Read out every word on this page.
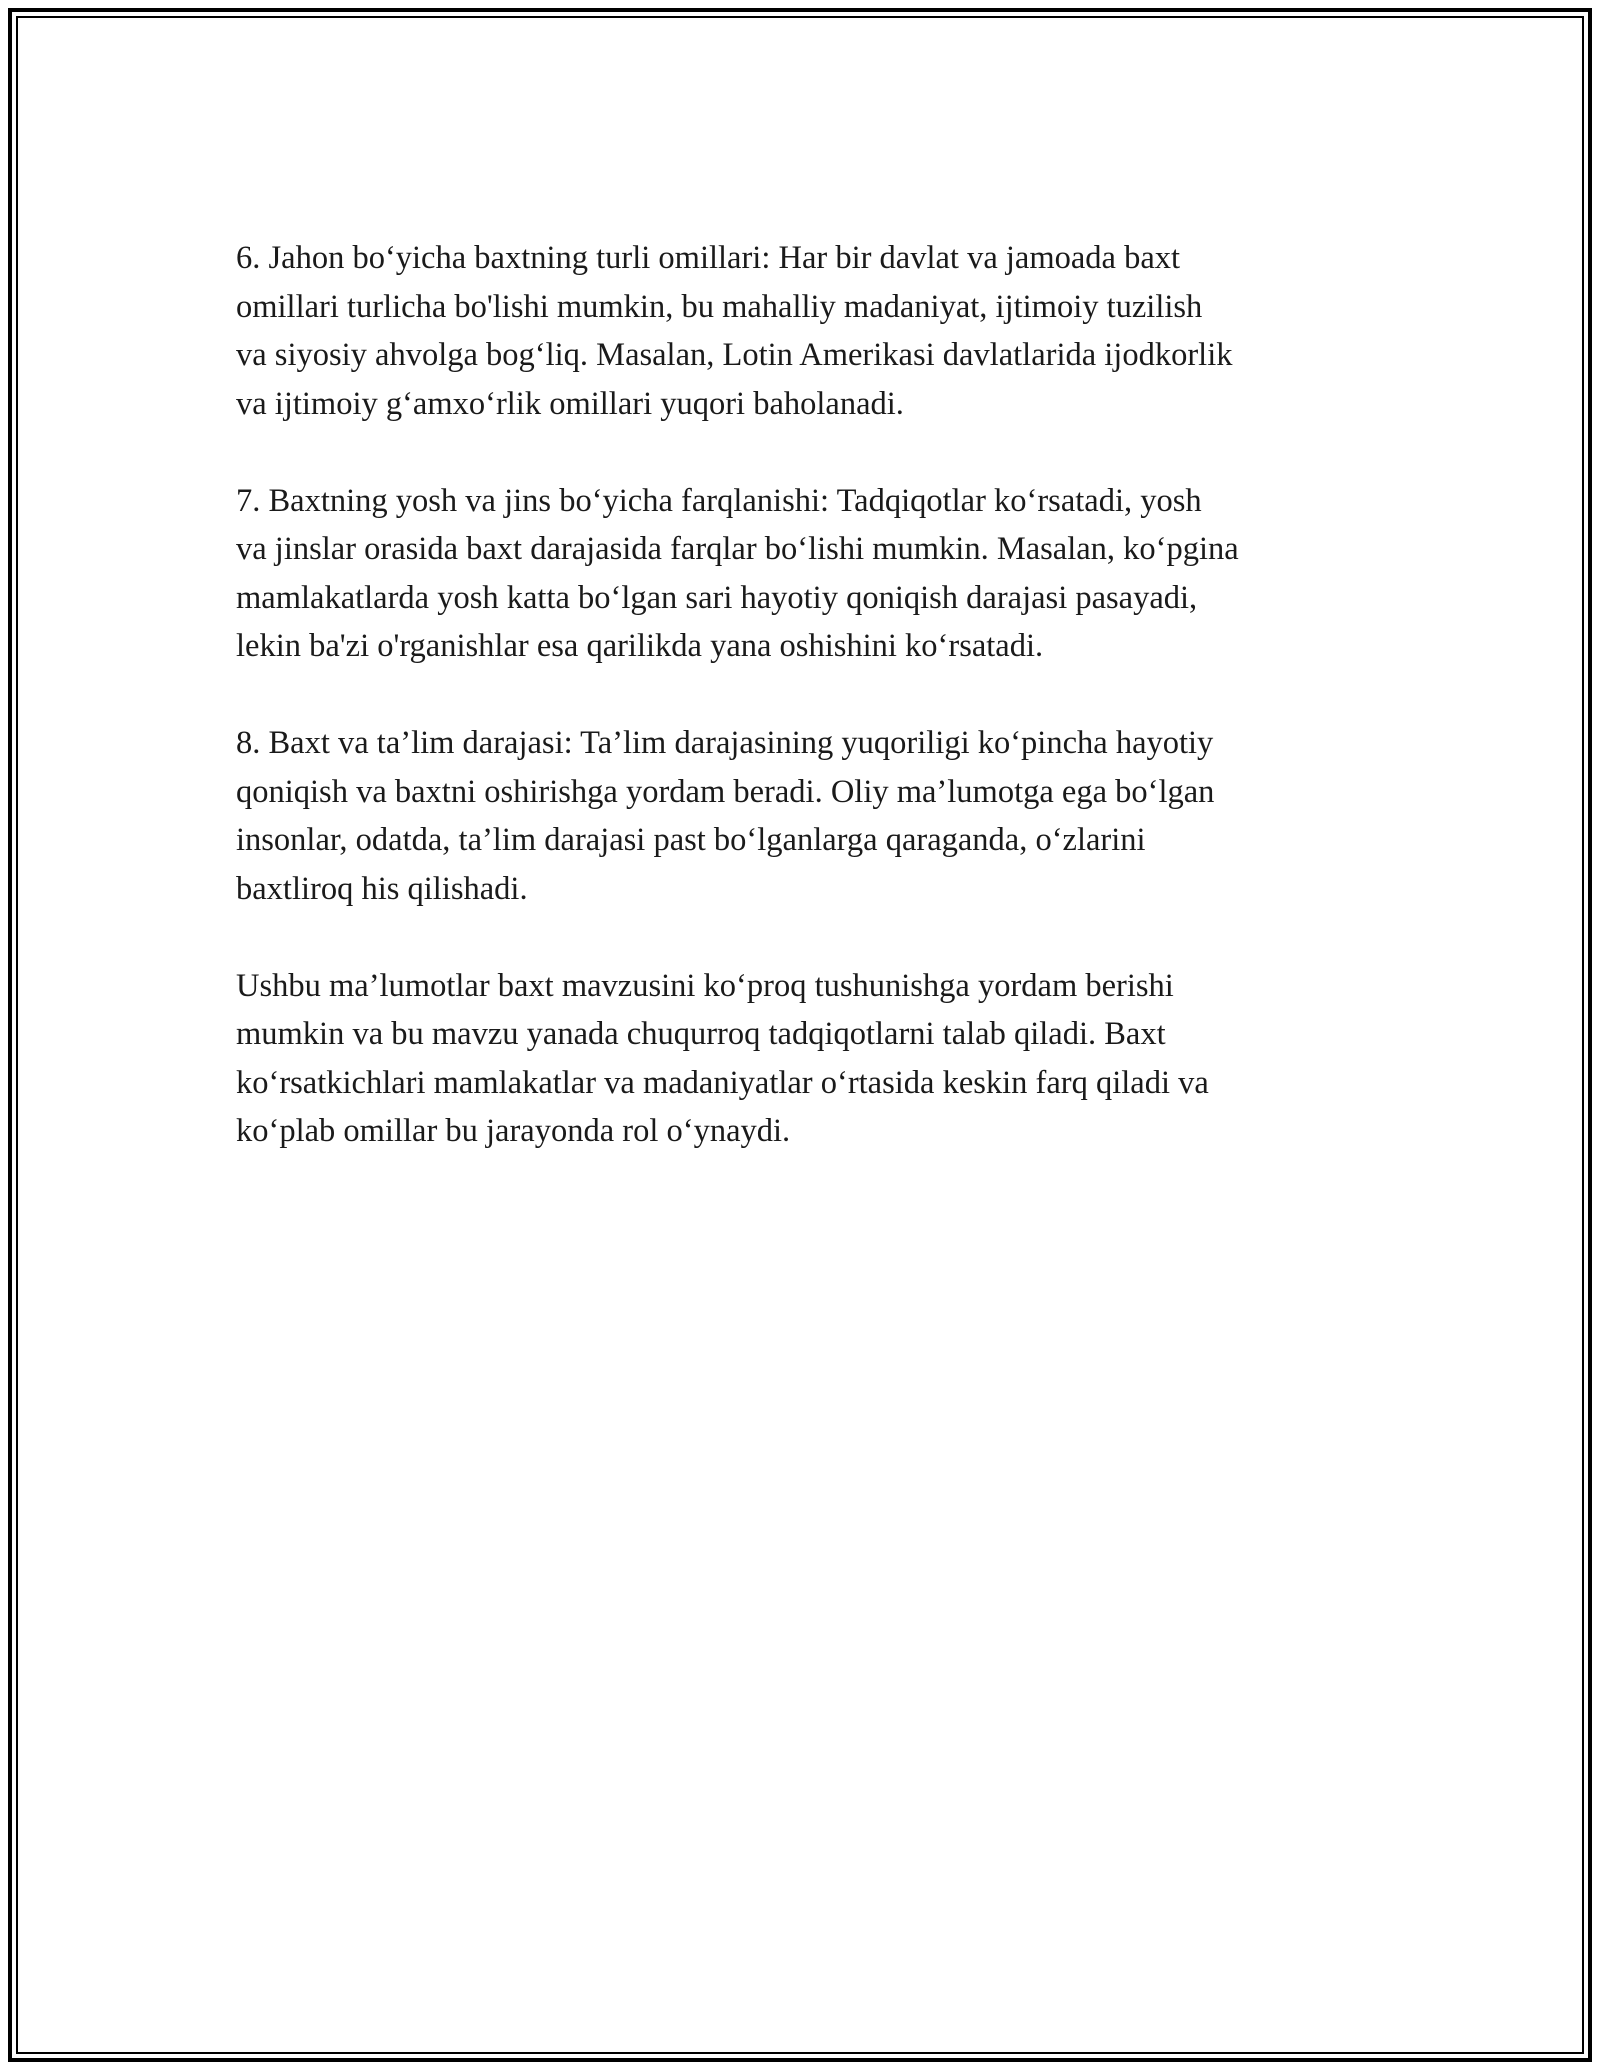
6. Jahon bo‘yicha baxtning turli omillari: Har bir davlat va jamoada baxt
omillari turlicha bo'lishi mumkin, bu mahalliy madaniyat, ijtimoiy tuzilish
va siyosiy ahvolga bog‘liq. Masalan, Lotin Amerikasi davlatlarida ijodkorlik
va ijtimoiy g‘amxo‘rlik omillari yuqori baholanadi.

7. Baxtning yosh va jins bo‘yicha farqlanishi: Tadqiqotlar ko‘rsatadi, yosh
va jinslar orasida baxt darajasida farqlar bo‘lishi mumkin. Masalan, ko‘pgina
mamlakatlarda yosh katta bo‘lgan sari hayotiy qoniqish darajasi pasayadi,
lekin ba'zi o'rganishlar esa qarilikda yana oshishini ko‘rsatadi.

8. Baxt va ta’lim darajasi: Ta’lim darajasining yuqoriligi ko‘pincha hayotiy
qoniqish va baxtni oshirishga yordam beradi. Oliy ma’lumotga ega bo‘lgan
insonlar, odatda, ta’lim darajasi past bo‘lganlarga qaraganda, o‘zlarini
baxtliroq his qilishadi.

Ushbu ma’lumotlar baxt mavzusini ko‘proq tushunishga yordam berishi
mumkin va bu mavzu yanada chuqurroq tadqiqotlarni talab qiladi. Baxt
ko‘rsatkichlari mamlakatlar va madaniyatlar o‘rtasida keskin farq qiladi va
ko‘plab omillar bu jarayonda rol o‘ynaydi.
